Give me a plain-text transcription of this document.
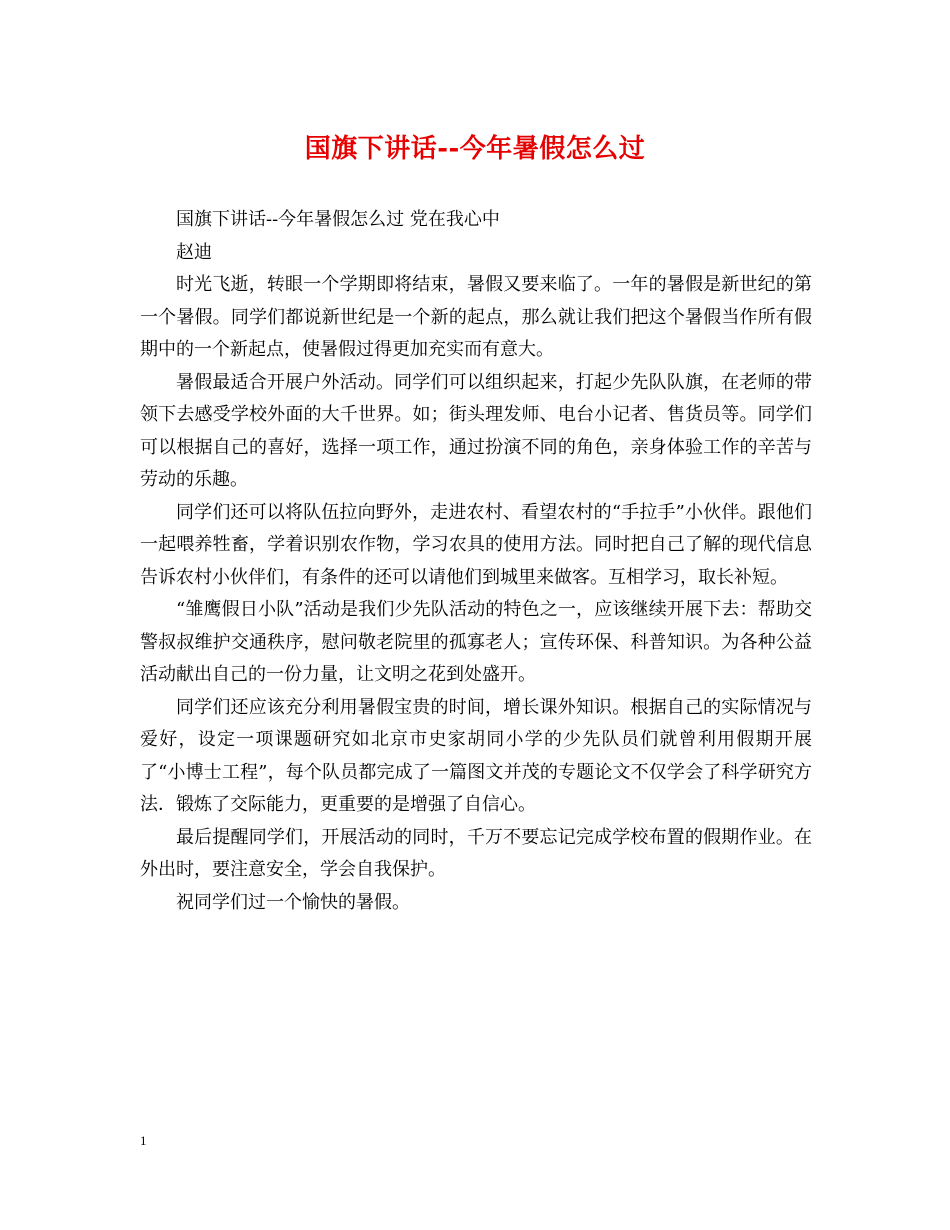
国旗下讲话--今年暑假怎么过

国旗下讲话--今年暑假怎么过 党在我心中

赵迪

时光飞逝，转眼一个学期即将结束，暑假又要来临了。一年的暑假是新世纪的第一个暑假。同学们都说新世纪是一个新的起点，那么就让我们把这个暑假当作所有假期中的一个新起点，使暑假过得更加充实而有意大。

暑假最适合开展户外活动。同学们可以组织起来，打起少先队队旗，在老师的带领下去感受学校外面的大千世界。如；街头理发师、电台小记者、售货员等。同学们可以根据自己的喜好，选择一项工作，通过扮演不同的角色，亲身体验工作的辛苦与劳动的乐趣。

同学们还可以将队伍拉向野外，走进农村、看望农村的“手拉手”小伙伴。跟他们一起喂养牲畜，学着识别农作物，学习农具的使用方法。同时把自己了解的现代信息告诉农村小伙伴们，有条件的还可以请他们到城里来做客。互相学习，取长补短。

“雏鹰假日小队”活动是我们少先队活动的特色之一，应该继续开展下去：帮助交警叔叔维护交通秩序，慰问敬老院里的孤寡老人；宣传环保、科普知识。为各种公益活动献出自己的一份力量，让文明之花到处盛开。

同学们还应该充分利用暑假宝贵的时间，增长课外知识。根据自己的实际情况与爱好，设定一项课题研究如北京市史家胡同小学的少先队员们就曾利用假期开展了“小博士工程”，每个队员都完成了一篇图文并茂的专题论文不仅学会了科学研究方法．锻炼了交际能力，更重要的是增强了自信心。

最后提醒同学们，开展活动的同时，千万不要忘记完成学校布置的假期作业。在外出时，要注意安全，学会自我保护。

祝同学们过一个愉快的暑假。

1
